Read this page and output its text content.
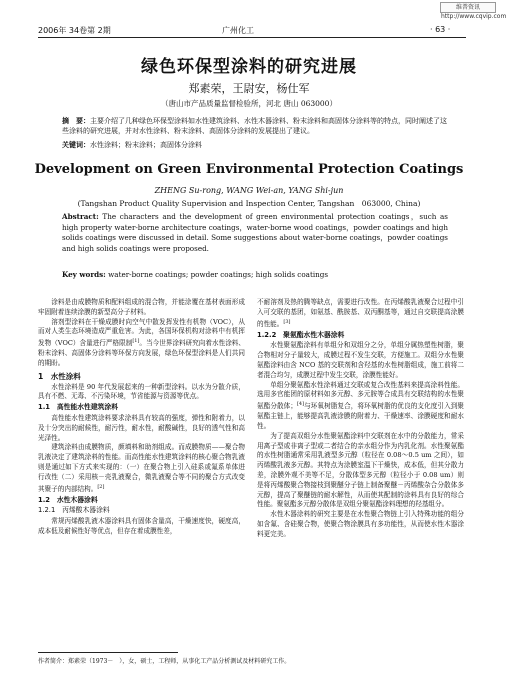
维普资讯 http://www.cqvip.com
2006年 34卷第 2期	广州化工	· 63 ·
绿色环保型涂料的研究进展
郑素荣，王尉安，杨仕军
（唐山市产品质量监督检验所，河北 唐山 063000）
摘　要：主要介绍了几种绿色环保型涂料如水性建筑涂料、水性木器涂料、粉末涂料和高固体分涂料等的特点，同时阐述了这些涂料的研究进展，并对水性涂料、粉末涂料、高固体分涂料的发展提出了建议。
关键词：水性涂料；粉末涂料；高固体分涂料
Development on Green Environmental Protection Coatings
ZHENG Su-rong, WANG Wei-an, YANG Shi-jun
(Tangshan Product Quality Supervision and Inspection Center, Tangshan　063000, China)
Abstract: The characters and the development of green environmental protection coatings，such as high property water-borne architecture coatings，water-borne wood coatings，powder coatings and high solids coatings were discussed in detail. Some suggestions about water-borne coatings，powder coatings and high solids coatings were proposed.
Key words: water-borne coatings; powder coatings; high solids coatings

涂料是由成膜物质和配料组成的混合物，并能涂覆在基材表面形成牢固附着连续涂膜的新型高分子材料。

溶剂型涂料在干燥成膜时向空气中散发挥发性有机物（VOC），从而对人类生态环境造成严重危害。为此，各国环保机构对涂料中有机挥发物（VOC）含量进行严格限制[1]。当今世界涂料研究向着水性涂料、粉末涂料、高固体分涂料等环保方向发展，绿色环保型涂料是人们共同的期盼。

1　水性涂料

水性涂料是 90 年代发展起来的一种新型涂料。以水为分散介质，具有不燃、无毒、不污染环境，节省能源与资源等优点。

1.1　高性能水性建筑涂料

高性能水性建筑涂料要求涂料具有较高的强度，弹性和附着力，以及十分突出的耐候性，耐污性，耐水性，耐酸碱性，良好的透气性和高光泽性。

建筑涂料由成膜物质，颜填料和助剂组成。而成膜物质——聚合物乳液决定了建筑涂料的性能。而高性能水性建筑涂料的核心聚合物乳液则是通过如下方式来实现的：（一）在聚合物上引入硅系或氟系单体进行改性（二）采用核－壳乳液聚合，微乳液聚合等不同的聚合方式改变其聚子的内部结构。[2]

1.2　水性木器涂料

1.2.1　丙烯酸木器涂料

常规丙烯酸乳液木器涂料具有固体含量高，干燥速度快，硬度高，成本低及耐候性好等优点，但存在着成膜性差，

不耐溶剂及热的腾等缺点，需要进行改性。在丙烯酸乳液聚合过程中引入可交联的基团，如氨基、酰胺基、双丙酮基等，通过自交联提高涂膜的性能。[3]

1.2.2　聚氨酯水性木器涂料

水性聚氨酯涂料有单组分和双组分之分，单组分属热塑性树脂，聚合物相对分子量较大，成膜过程不发生交联，方便施工。双组分水性聚氨酯涂料由含 NCO 基的交联剂和含羟基的水性树脂组成，施工前将二者混合均匀，成膜过程中发生交联，涂膜性能好。

单组分聚氨酯水性涂料通过交联或复合改性基料来提高涂料性能。选用多官能团的原材料如多元醇、多元胺等合成具有交联结构的水性聚氨酯分散体；[4]与环氧树脂复合，将环氧树脂的优良的支化度引入到聚氨酯主链上，能够提高乳液涂膜的附着力、干燥速率、涂膜硬度和耐水性。

为了提高双组分水性聚氨酯涂料中交联剂在水中的分散能力，常采用离子型或非离子型或二者结合的亲水组分作为内乳化剂。水性聚氨酯的水性树脂通常采用乳液型多元醇（粒径在 0.08～0.5 um 之间），如丙烯酸乳液多元醇。其特点为涂膜室温下干燥快，成本低，但其分散力差，涂膜外观不美等不足，分散体型多元醇（粒径小于 0.08 um）则是将丙烯酸聚合物接枝到聚醚分子链上制备聚醚－丙烯酸杂合分散体多元醇，提高了聚醚链的耐水解性，从而使其配制的涂料具有良好的综合性能。聚氨酯多元醇分散体是双组分聚氨酯涂料理想的羟基组分。

水性木器涂料的研究主要是在水性聚合物链上引入特殊功能的组分如含氟、含硅聚合物，使聚合物涂膜具有多功能性，从而使水性木器涂料更完美。

作者简介：郑素荣（1973－　），女，硕士，工程师，从事化工产品分析测试及材料研究工作。
